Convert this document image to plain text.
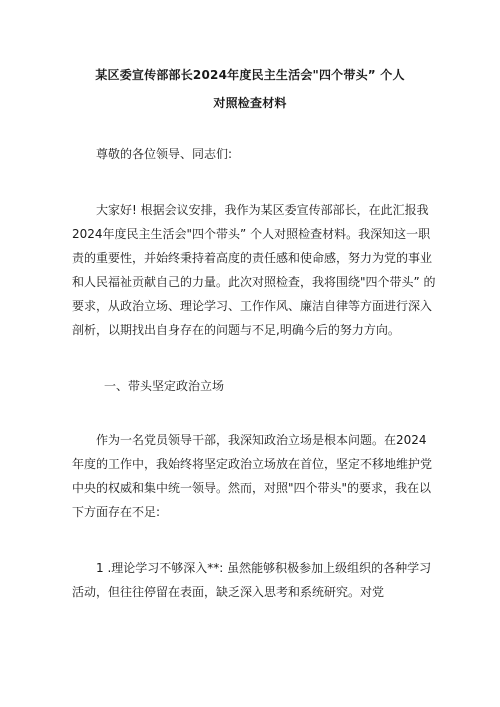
某区委宣传部部长2024年度民主生活会"四个带头” 个人
对照检查材料
尊敬的各位领导、同志们:
大家好! 根据会议安排，我作为某区委宣传部部长，在此汇报我
2024年度民主生活会"四个带头” 个人对照检查材料。我深知这一职
责的重要性，并始终秉持着高度的责任感和使命感，努力为党的事业
和人民福祉贡献自己的力量。此次对照检查，我将围绕"四个带头” 的
要求，从政治立场、理论学习、工作作风、廉洁自律等方面进行深入
剖析，以期找出自身存在的问题与不足,明确今后的努力方向。
一、带头坚定政治立场
作为一名党员领导干部，我深知政治立场是根本问题。在2024
年度的工作中，我始终将坚定政治立场放在首位，坚定不移地维护党
中央的权威和集中统一领导。然而，对照"四个带头"的要求，我在以
下方面存在不足:
1 .理论学习不够深入**: 虽然能够积极参加上级组织的各种学习
活动，但往往停留在表面，缺乏深入思考和系统研究。对党
